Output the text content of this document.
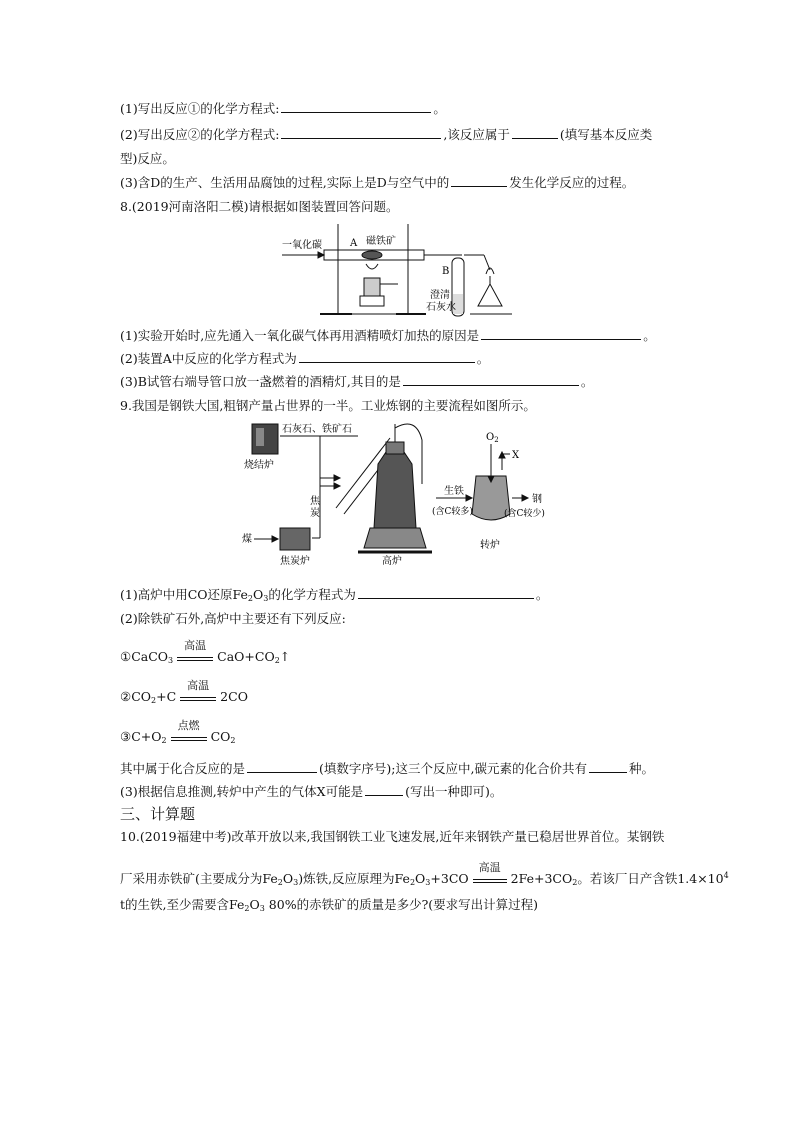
(1)写出反应①的化学方程式:	。
(2)写出反应②的化学方程式:	,该反应属于	(填写基本反应类
型)反应。
(3)含D的生产、生活用品腐蚀的过程,实际上是D与空气中的	发生化学反应的过程。
8.(2019河南洛阳二模)请根据如图装置回答问题。
一氧化碳	A 磁铁矿
B
澄清
石灰水
(1)实验开始时,应先通入一氧化碳气体再用酒精喷灯加热的原因是	。
(2)装置A中反应的化学方程式为	。
(3)B试管右端导管口放一盏燃着的酒精灯,其目的是	。
9.我国是钢铁大国,粗钢产量占世界的一半。工业炼钢的主要流程如图所示。
石灰石、铁矿石
烧结炉
焦
炭
煤
焦炭炉	高炉
生铁
(含C较多)
$O_2$
X
钢
(含C较少)
转炉
(1)高炉中用CO还原$Fe_2O_3$的化学方程式为	。
(2)除铁矿石外,高炉中主要还有下列反应:
①CaCO$_3$
高温
$CaO+CO_2↑$
$②CO_2+C$
高温
2CO
$③C+O_2$
点燃
$CO_2$
其中属于化合反应的是	(填数字序号);这三个反应中,碳元素的化合价共有	种。
(3)根据信息推测,转炉中产生的气体X可能是	(写出一种即可)。
三、计算题
10.(2019福建中考)改革开放以来,我国钢铁工业飞速发展,近年来钢铁产量已稳居世界首位。某钢铁
厂采用赤铁矿(主要成分为$Fe_2O_3$)炼铁,反应原理为$Fe_2O_3+3CO$
高温
$2Fe+3CO_2$。若该厂日产含铁$1.4\times 10^4$
t的生铁,至少需要含$Fe_2O_3$ 80%的赤铁矿的质量是多少?(要求写出计算过程)
